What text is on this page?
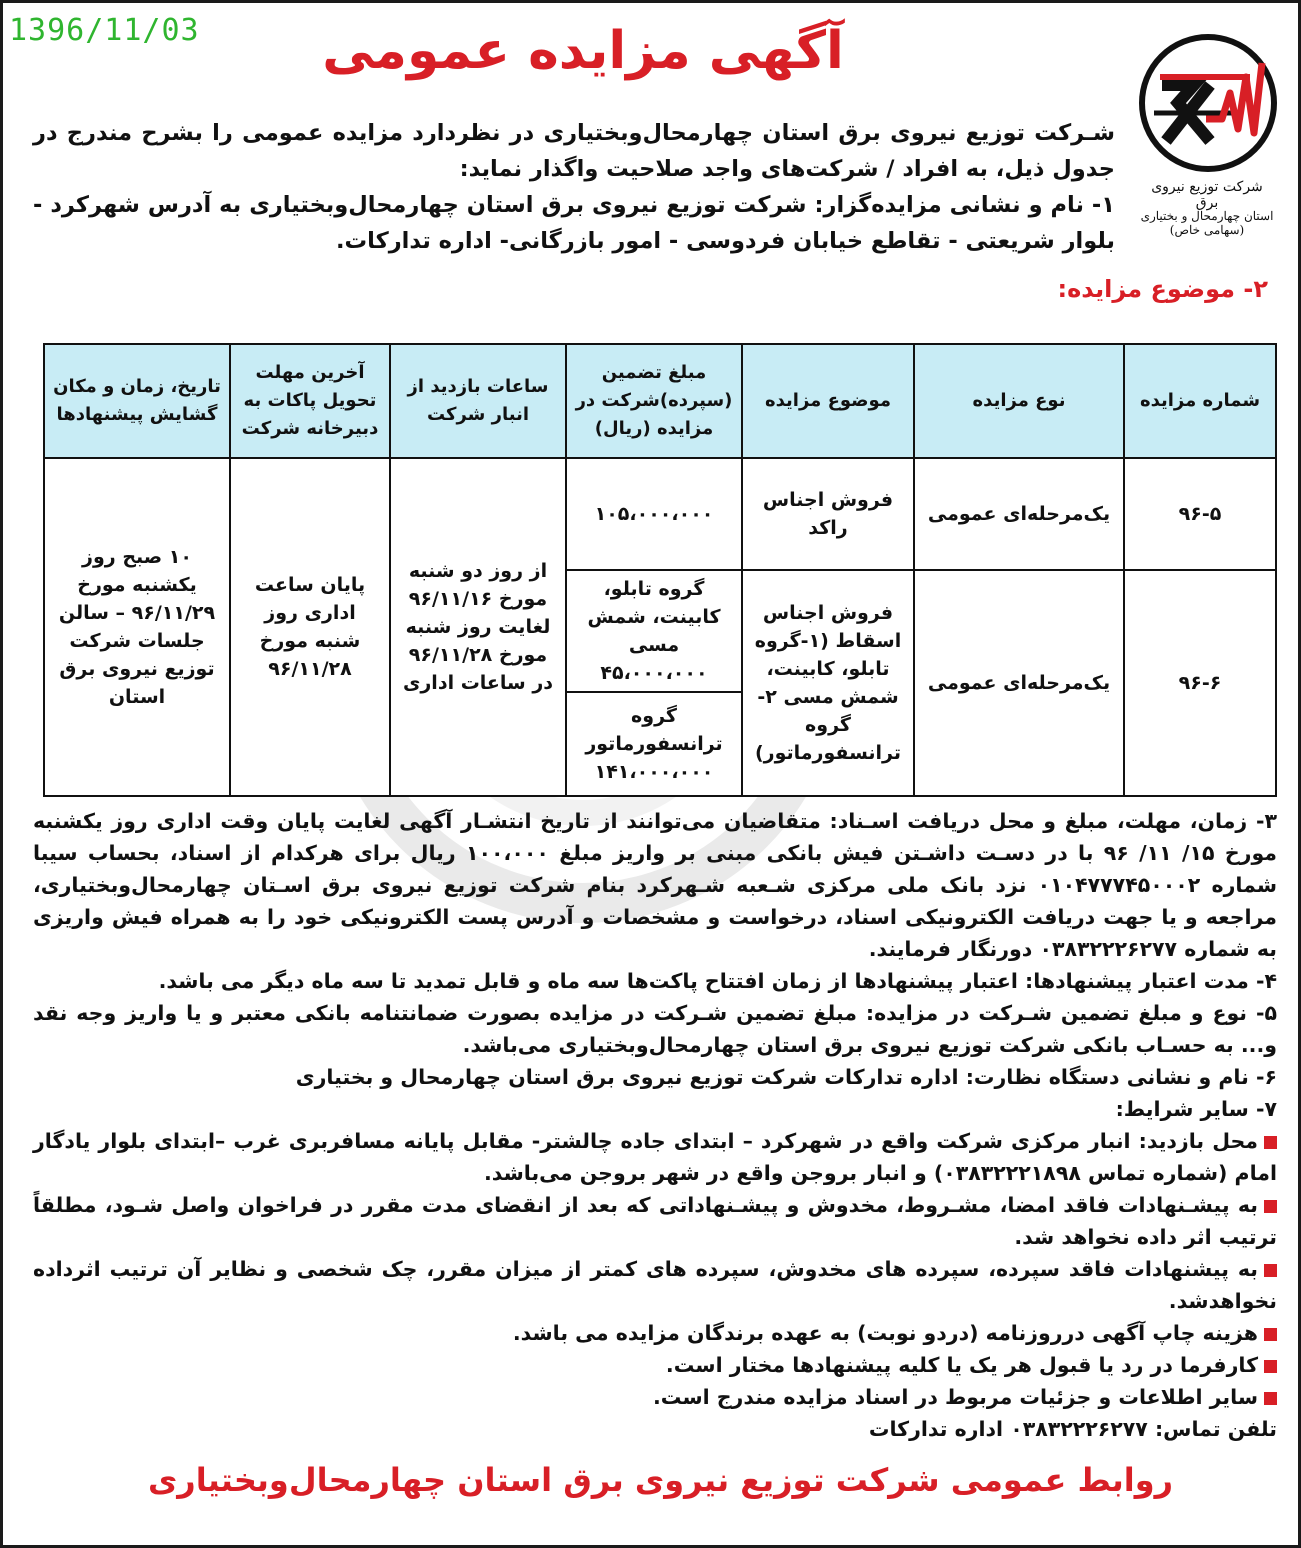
1396/11/03	آگهی مزایده عمومی
شرکت توزیع نیروی برق
استان چهارمحال و بختیاری (سهامی خاص)

شـرکت توزیع نیروی برق استان چهارمحال‌وبختیاری در نظردارد مزایده عمومی را بشرح مندرج در جدول ذیل، به افراد / شرکت‌های واجد صلاحیت واگذار نماید:

۱- نام و نشانی مزایده‌گزار: شرکت توزیع نیروی برق استان چهارمحال‌وبختیاری به آدرس شهرکرد - بلوار شریعتی - تقاطع خیابان فردوسی - امور بازرگانی- اداره تدارکات.

۲- موضوع مزایده:
شماره مزایده	نوع مزایده	موضوع مزایده	مبلغ تضمین (سپرده)شرکت در مزایده (ریال)	ساعات بازدید از انبار شرکت	آخرین مهلت تحویل پاکات به دبیرخانه شرکت	تاریخ، زمان و مکان گشایش پیشنهادها
۹۶-۵	یک‌مرحله‌ای عمومی	فروش اجناس راکد	۱۰۵،۰۰۰،۰۰۰	از روز دو شنبه مورخ ۹۶/۱۱/۱۶ لغایت روز شنبه مورخ ۹۶/۱۱/۲۸ در ساعات اداری	پایان ساعت اداری روز شنبه مورخ ۹۶/۱۱/۲۸	۱۰ صبح روز یکشنبه مورخ ۹۶/۱۱/۲۹ – سالن جلسات شرکت توزیع نیروی برق استان
۹۶-۶	یک‌مرحله‌ای عمومی	فروش اجناس اسقاط (۱-گروه تابلو، کابینت، شمش مسی ۲-گروه ترانسفورماتور)	گروه تابلو، کابینت، شمش مسی ۴۵،۰۰۰،۰۰۰			
			گروه ترانسفورماتور ۱۴۱،۰۰۰،۰۰۰			

۳- زمان، مهلت، مبلغ و محل دریافت اسـناد: متقاضیان می‌توانند از تاریخ انتشـار آگهی لغایت پایان وقت اداری روز یکشنبه مورخ ۱۵/ ۱۱/ ۹۶ با در دسـت داشـتن فیش بانکی مبنی بر واریز مبلغ ۱۰۰،۰۰۰ ریال برای هرکدام از اسناد، بحساب سیبا شماره ۰۱۰۴۷۷۷۴۵۰۰۰۲ نزد بانک ملی مرکزی شـعبه شـهرکرد بنام شرکت توزیع نیروی برق اسـتان چهارمحال‌وبختیاری، مراجعه و یا جهت دریافت الکترونیکی اسناد، درخواست و مشخصات و آدرس پست الکترونیکی خود را به همراه فیش واریزی به شماره ۰۳۸۳۲۲۲۶۲۷۷ دورنگار فرمایند.

۴- مدت اعتبار پیشنهادها: اعتبار پیشنهادها از زمان افتتاح پاکت‌ها سه ماه و قابل تمدید تا سه ماه دیگر می باشد.

۵- نوع و مبلغ تضمین شـرکت در مزایده: مبلغ تضمین شـرکت در مزایده بصورت ضمانتنامه بانکی معتبر و یا واریز وجه نقد و... به حسـاب بانکی شرکت توزیع نیروی برق استان چهارمحال‌وبختیاری می‌باشد.

۶- نام و نشانی دستگاه نظارت: اداره تدارکات شرکت توزیع نیروی برق استان چهارمحال و بختیاری

۷- سایر شرایط:

محل بازدید: انبار مرکزی شرکت واقع در شهرکرد – ابتدای جاده چالشتر- مقابل پایانه مسافربری غرب –ابتدای بلوار یادگار امام (شماره تماس ۰۳۸۳۲۲۲۱۸۹۸) و انبار بروجن واقع در شهر بروجن می‌باشد.

به پیشـنهادات فاقد امضا، مشـروط، مخدوش و پیشـنهاداتی که بعد از انقضای مدت مقرر در فراخوان واصل شـود، مطلقاً ترتیب اثر داده نخواهد شد.

به پیشنهادات فاقد سپرده، سپرده های مخدوش، سپرده های کمتر از میزان مقرر، چک شخصی و نظایر آن ترتیب اثرداده نخواهدشد.

هزینه چاپ آگهی درروزنامه (دردو نوبت) به عهده برندگان مزایده می باشد.

کارفرما در رد یا قبول هر یک یا کلیه پیشنهادها مختار است.

سایر اطلاعات و جزئیات مربوط در اسناد مزایده مندرج است.

تلفن تماس: ۰۳۸۳۲۲۲۶۲۷۷ اداره تدارکات

روابط عمومی شرکت توزیع نیروی برق استان چهارمحال‌وبختیاری
